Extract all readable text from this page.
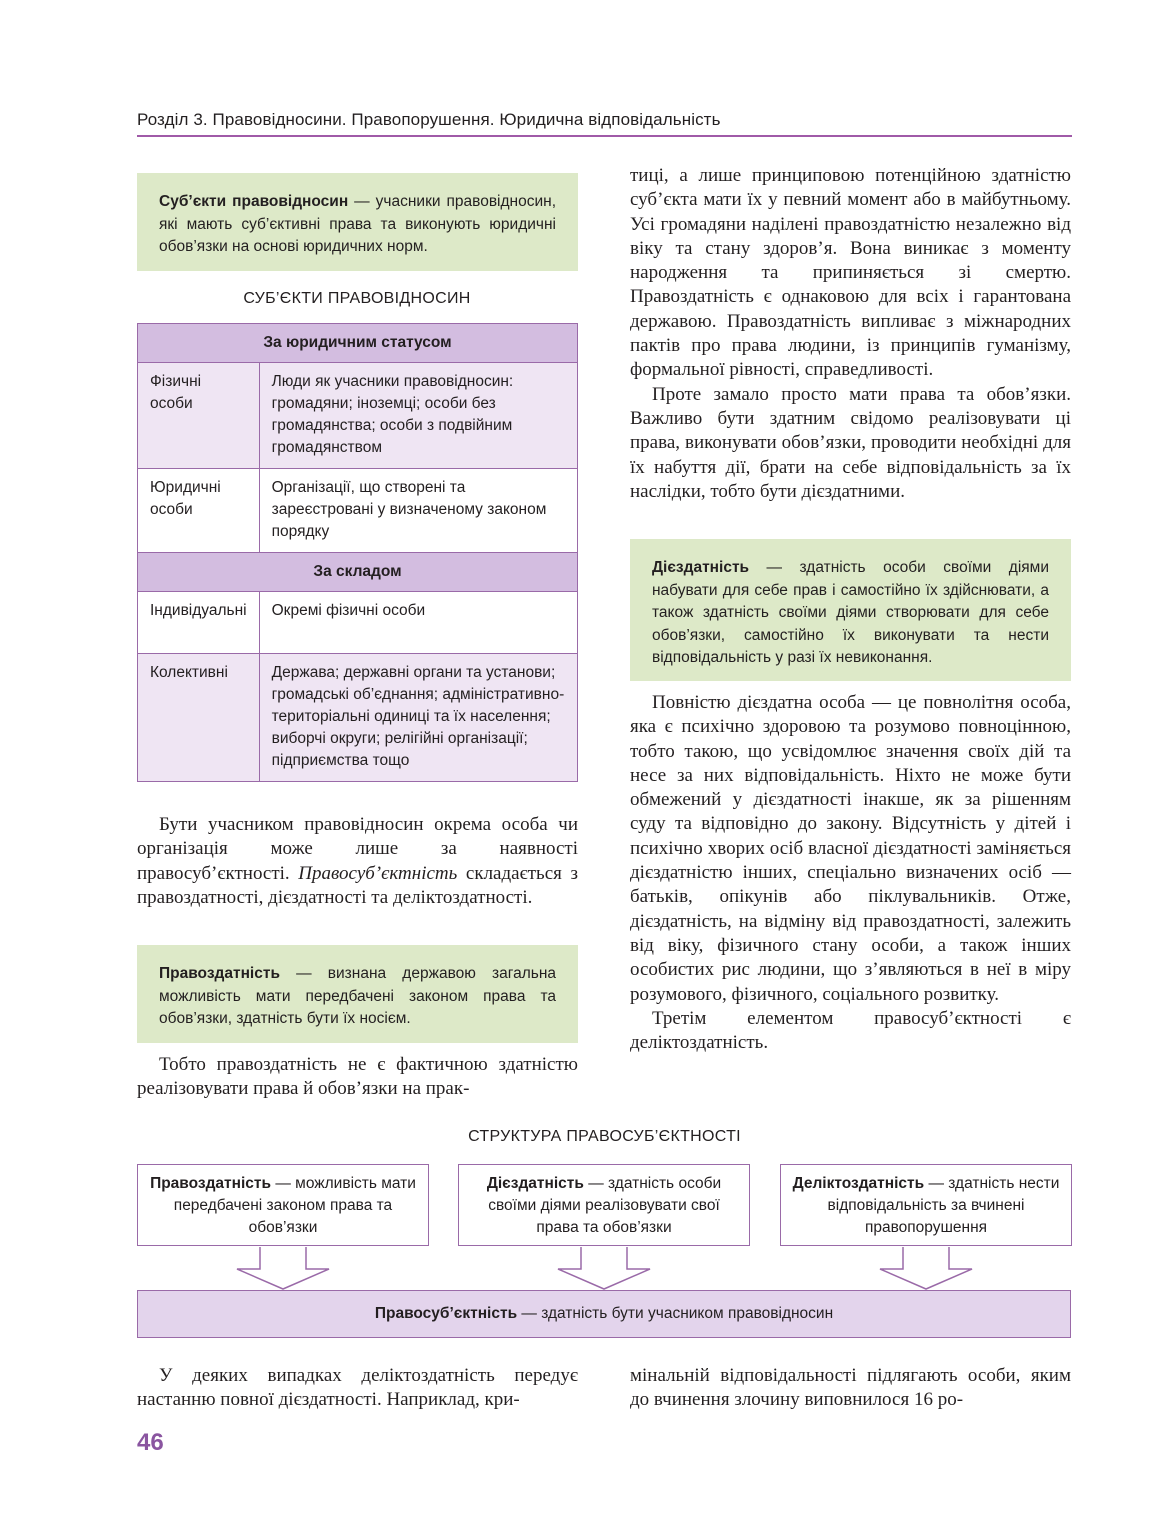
Розділ 3. Правовідносини. Правопорушення. Юридична відповідальність
Суб’єкти правовідносин — учасники правовідносин, які мають суб’єктивні права та виконують юридичні обов’язки на основі юридичних норм.
СУБ’ЄКТИ ПРАВОВІДНОСИН
За юридичним статусом	
Фізичні особи	Люди як учасники правовідносин: громадяни; іноземці; особи без громадянства; особи з подвійним громадянством
Юридичні особи	Організації, що створені та зареєстровані у визначеному законом порядку
За складом	
Індивідуальні	Окремі фізичні особи
Колективні	Держава; державні органи та установи; громадські об’єднання; адміністративно-територіальні одиниці та їх населення; виборчі округи; релігійні організації; підприємства тощо

Бути учасником правовідносин окрема особа чи організація може лише за наявності правосуб’єктності. Правосуб’єктність складається з правоздатності, дієздатності та деліктоздатності.

Правоздатність — визнана державою загальна можливість мати передбачені законом права та обов’язки, здатність бути їх носієм.

Тобто правоздатність не є фактичною здатністю реалізовувати права й обов’язки на прак-

тиці, а лише принциповою потенційною здатністю суб’єкта мати їх у певний момент або в майбутньому. Усі громадяни наділені правоздатністю незалежно від віку та стану здоров’я. Вона виникає з моменту народження та припиняється зі смертю. Правоздатність є однаковою для всіх і гарантована державою. Правоздатність випливає з міжнародних пактів про права людини, із принципів гуманізму, формальної рівності, справедливості.

Проте замало просто мати права та обов’язки. Важливо бути здатним свідомо реалізовувати ці права, виконувати обов’язки, проводити необхідні для їх набуття дії, брати на себе відповідальність за їх наслідки, тобто бути дієздатними.

Дієздатність — здатність особи своїми діями набувати для себе прав і самостійно їх здійснювати, а також здатність своїми діями створювати для себе обов’язки, самостійно їх виконувати та нести відповідальність у разі їх невиконання.

Повністю дієздатна особа — це повнолітня особа, яка є психічно здоровою та розумово повноцінною, тобто такою, що усвідомлює значення своїх дій та несе за них відповідальність. Ніхто не може бути обмежений у дієздатності інакше, як за рішенням суду та відповідно до закону. Відсутність у дітей і психічно хворих осіб власної дієздатності заміняється дієздатністю інших, спеціально визначених осіб — батьків, опікунів або піклувальників. Отже, дієздатність, на відміну від правоздатності, залежить від віку, фізичного стану особи, а також інших особистих рис людини, що з’являються в неї в міру розумового, фізичного, соціального розвитку.

Третім елементом правосуб’єктності є деліктоздатність.

СТРУКТУРА ПРАВОСУБ’ЄКТНОСТІ
Правоздатність — можливість мати передбачені законом права та обов’язки
Дієздатність — здатність особи своїми діями реалізовувати свої права та обов’язки
Деліктоздатність — здатність нести відповідальність за вчинені правопорушення
Правосуб’єктність — здатність бути учасником правовідносин

У деяких випадках деліктоздатність передує настанню повної дієздатності. Наприклад, кри-

мінальній відповідальності підлягають особи, яким до вчинення злочину виповнилося 16 ро-

46
